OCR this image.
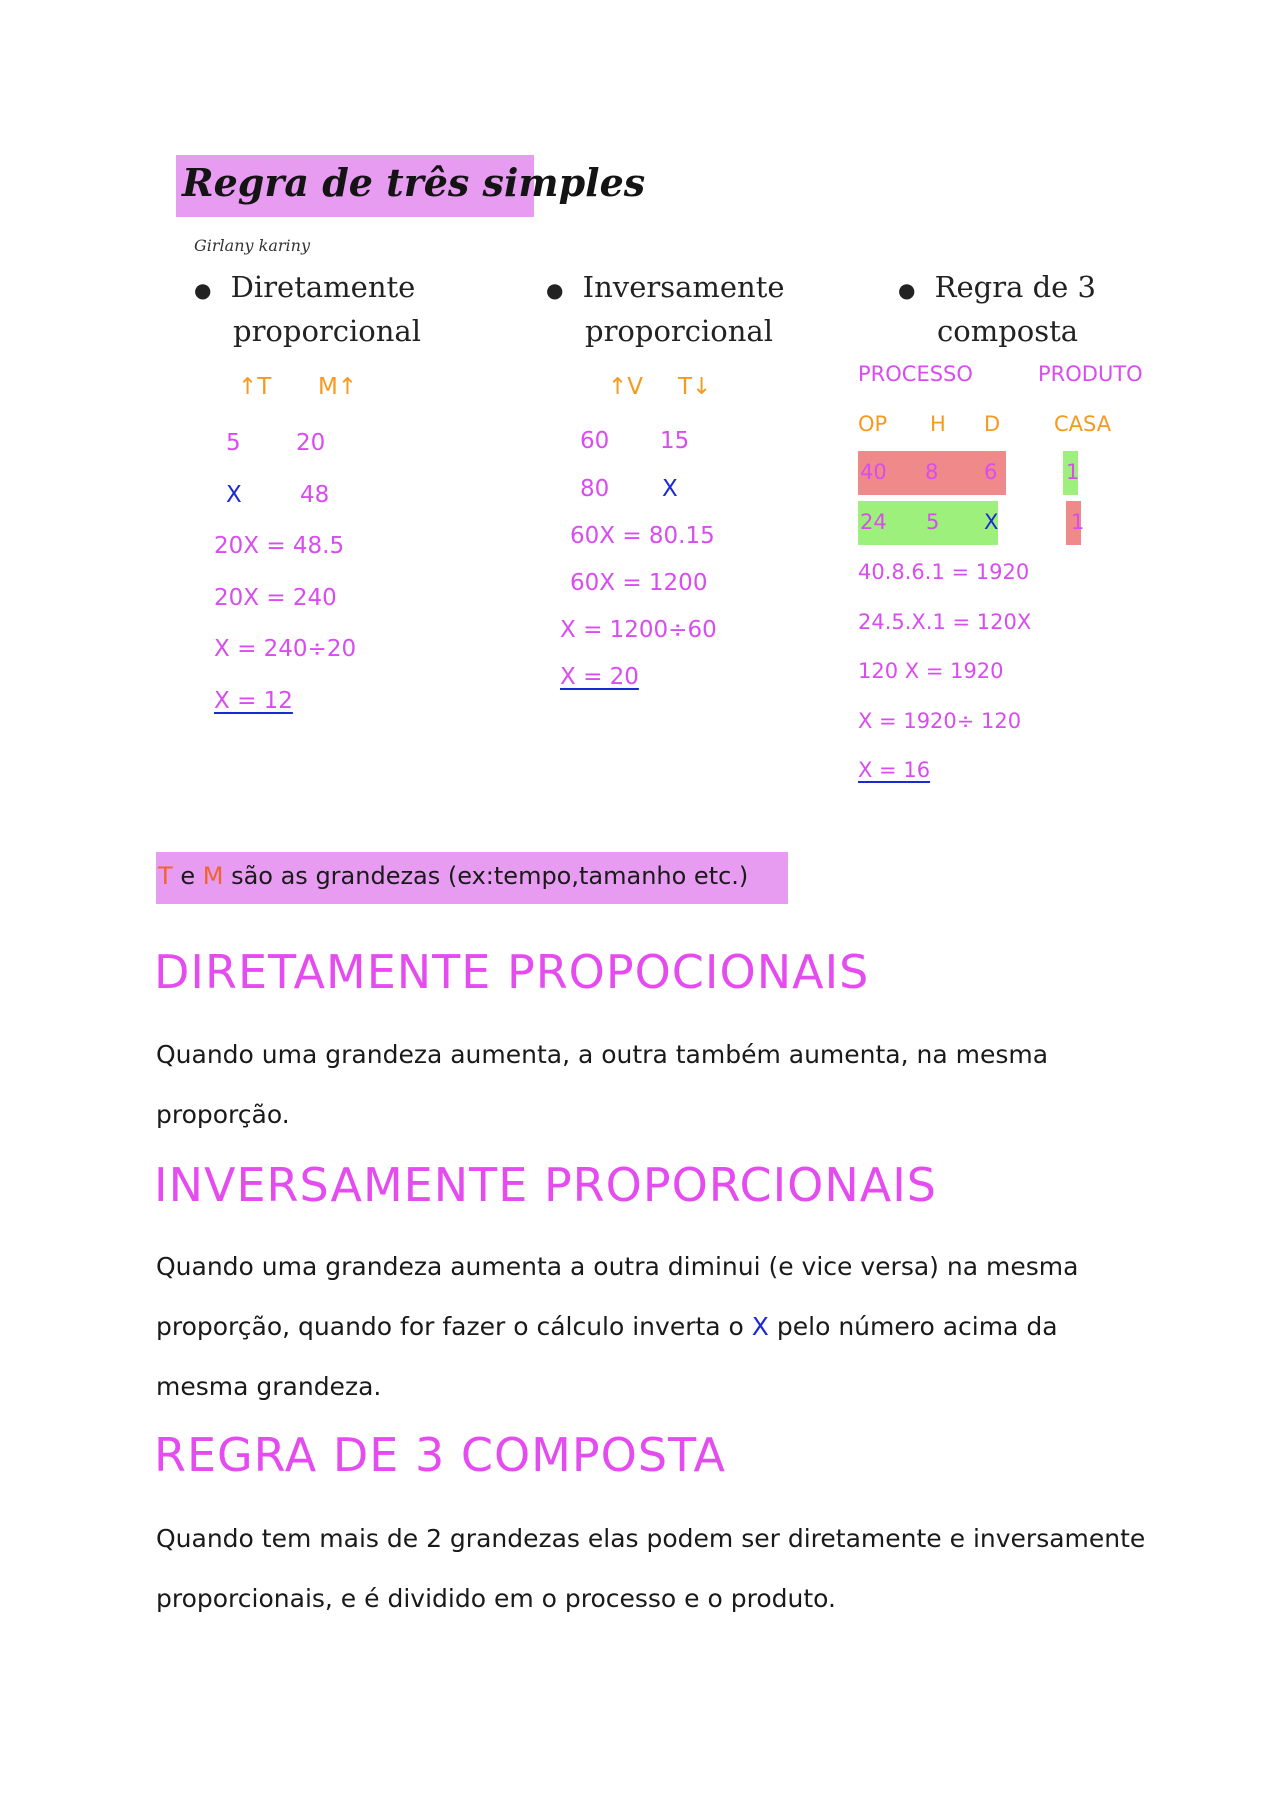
Regra de três simples
Girlany kariny
● Diretamente
proporcional
↑T M↑
5 20
X	48
20X = 48.5
20X = 240
X = 240÷20
X = 12
● Inversamente
proporcional
↑V T↓
60 15
80 X
60X = 80.15
60X = 1200
X = 1200÷60
X = 20
● Regra de 3
composta
PROCESSO	PRODUTO
OP H D	CASA
40 8 6	1
24 5 X	1
40.8.6.1 = 1920
24.5.X.1 = 120X
120 X = 1920
X = 1920÷ 120
X = 16
T e M são as grandezas (ex:tempo,tamanho etc.)
DIRETAMENTE PROPOCIONAIS
Quando uma grandeza aumenta, a outra também aumenta, na mesma proporção.
INVERSAMENTE PROPORCIONAIS
Quando uma grandeza aumenta a outra diminui (e vice versa) na mesma proporção, quando for fazer o cálculo inverta o X pelo número acima da mesma grandeza.
REGRA DE 3 COMPOSTA
Quando tem mais de 2 grandezas elas podem ser diretamente e inversamente proporcionais, e é dividido em o processo e o produto.
